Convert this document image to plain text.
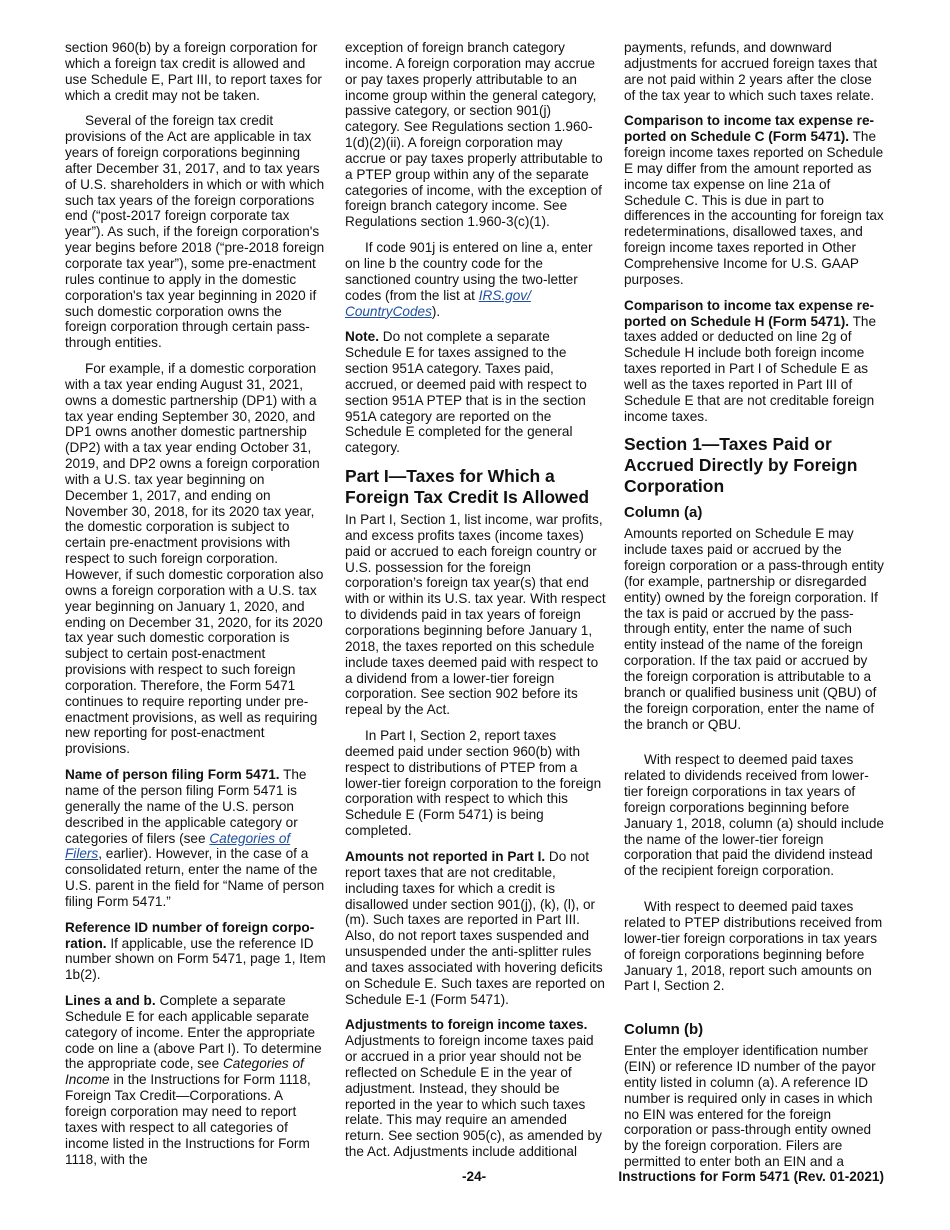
section 960(b) by a foreign corporation for which a foreign tax credit is allowed and use Schedule E, Part III, to report taxes for which a credit may not be taken.

Several of the foreign tax credit provisions of the Act are applicable in tax years of foreign corporations beginning after December 31, 2017, and to tax years of U.S. shareholders in which or with which such tax years of the foreign corporations end (“post-2017 foreign corporate tax year”). As such, if the foreign corporation's year begins before 2018 (“pre-2018 foreign corporate tax year”), some pre-enactment rules continue to apply in the domestic corporation's tax year beginning in 2020 if such domestic corporation owns the foreign corporation through certain pass-through entities.

For example, if a domestic corporation with a tax year ending August 31, 2021, owns a domestic partnership (DP1) with a tax year ending September 30, 2020, and DP1 owns another domestic partnership (DP2) with a tax year ending October 31, 2019, and DP2 owns a foreign corporation with a U.S. tax year beginning on December 1, 2017, and ending on November 30, 2018, for its 2020 tax year, the domestic corporation is subject to certain pre-enactment provisions with respect to such foreign corporation. However, if such domestic corporation also owns a foreign corporation with a U.S. tax year beginning on January 1, 2020, and ending on December 31, 2020, for its 2020 tax year such domestic corporation is subject to certain post-enactment provisions with respect to such foreign corporation. Therefore, the Form 5471 continues to require reporting under pre-enactment provisions, as well as requiring new reporting for post-enactment provisions.

Name of person filing Form 5471. The name of the person filing Form 5471 is generally the name of the U.S. person described in the applicable category or categories of filers (see Categories of Filers, earlier). However, in the case of a consolidated return, enter the name of the U.S. parent in the field for “Name of person filing Form 5471.”

Reference ID number of foreign corpo-ration. If applicable, use the reference ID number shown on Form 5471, page 1, Item 1b(2).

Lines a and b. Complete a separate Schedule E for each applicable separate category of income. Enter the appropriate code on line a (above Part I). To determine the appropriate code, see Categories of Income in the Instructions for Form 1118, Foreign Tax Credit—Corporations. A foreign corporation may need to report taxes with respect to all categories of income listed in the Instructions for Form 1118, with the

exception of foreign branch category income. A foreign corporation may accrue or pay taxes properly attributable to an income group within the general category, passive category, or section 901(j) category. See Regulations section 1.960-1(d)(2)(ii). A foreign corporation may accrue or pay taxes properly attributable to a PTEP group within any of the separate categories of income, with the exception of foreign branch category income. See Regulations section 1.960-3(c)(1).

If code 901j is entered on line a, enter on line b the country code for the sanctioned country using the two-letter codes (from the list at IRS.gov/ CountryCodes).

Note. Do not complete a separate Schedule E for taxes assigned to the section 951A category. Taxes paid, accrued, or deemed paid with respect to section 951A PTEP that is in the section 951A category are reported on the Schedule E completed for the general category.

Part I—Taxes for Which a Foreign Tax Credit Is Allowed

In Part I, Section 1, list income, war profits, and excess profits taxes (income taxes) paid or accrued to each foreign country or U.S. possession for the foreign corporation’s foreign tax year(s) that end with or within its U.S. tax year. With respect to dividends paid in tax years of foreign corporations beginning before January 1, 2018, the taxes reported on this schedule include taxes deemed paid with respect to a dividend from a lower-tier foreign corporation. See section 902 before its repeal by the Act.

In Part I, Section 2, report taxes deemed paid under section 960(b) with respect to distributions of PTEP from a lower-tier foreign corporation to the foreign corporation with respect to which this Schedule E (Form 5471) is being completed.

Amounts not reported in Part I. Do not report taxes that are not creditable, including taxes for which a credit is disallowed under section 901(j), (k), (l), or (m). Such taxes are reported in Part III. Also, do not report taxes suspended and unsuspended under the anti-splitter rules and taxes associated with hovering deficits on Schedule E. Such taxes are reported on Schedule E-1 (Form 5471).

Adjustments to foreign income taxes. Adjustments to foreign income taxes paid or accrued in a prior year should not be reflected on Schedule E in the year of adjustment. Instead, they should be reported in the year to which such taxes relate. This may require an amended return. See section 905(c), as amended by the Act. Adjustments include additional

payments, refunds, and downward adjustments for accrued foreign taxes that are not paid within 2 years after the close of the tax year to which such taxes relate.

Comparison to income tax expense re-ported on Schedule C (Form 5471). The foreign income taxes reported on Schedule E may differ from the amount reported as income tax expense on line 21a of Schedule C. This is due in part to differences in the accounting for foreign tax redeterminations, disallowed taxes, and foreign income taxes reported in Other Comprehensive Income for U.S. GAAP purposes.

Comparison to income tax expense re-ported on Schedule H (Form 5471). The taxes added or deducted on line 2g of Schedule H include both foreign income taxes reported in Part I of Schedule E as well as the taxes reported in Part III of Schedule E that are not creditable foreign income taxes.

Section 1—Taxes Paid or Accrued Directly by Foreign Corporation
Column (a)

Amounts reported on Schedule E may include taxes paid or accrued by the foreign corporation or a pass-through entity (for example, partnership or disregarded entity) owned by the foreign corporation. If the tax is paid or accrued by the pass-through entity, enter the name of such entity instead of the name of the foreign corporation. If the tax paid or accrued by the foreign corporation is attributable to a branch or qualified business unit (QBU) of the foreign corporation, enter the name of the branch or QBU.

With respect to deemed paid taxes related to dividends received from lower-tier foreign corporations in tax years of foreign corporations beginning before January 1, 2018, column (a) should include the name of the lower-tier foreign corporation that paid the dividend instead of the recipient foreign corporation.

With respect to deemed paid taxes related to PTEP distributions received from lower-tier foreign corporations in tax years of foreign corporations beginning before January 1, 2018, report such amounts on Part I, Section 2.

Column (b)

Enter the employer identification number (EIN) or reference ID number of the payor entity listed in column (a). A reference ID number is required only in cases in which no EIN was entered for the foreign corporation or pass-through entity owned by the foreign corporation. Filers are permitted to enter both an EIN and a

-24-	Instructions for Form 5471 (Rev. 01-2021)
